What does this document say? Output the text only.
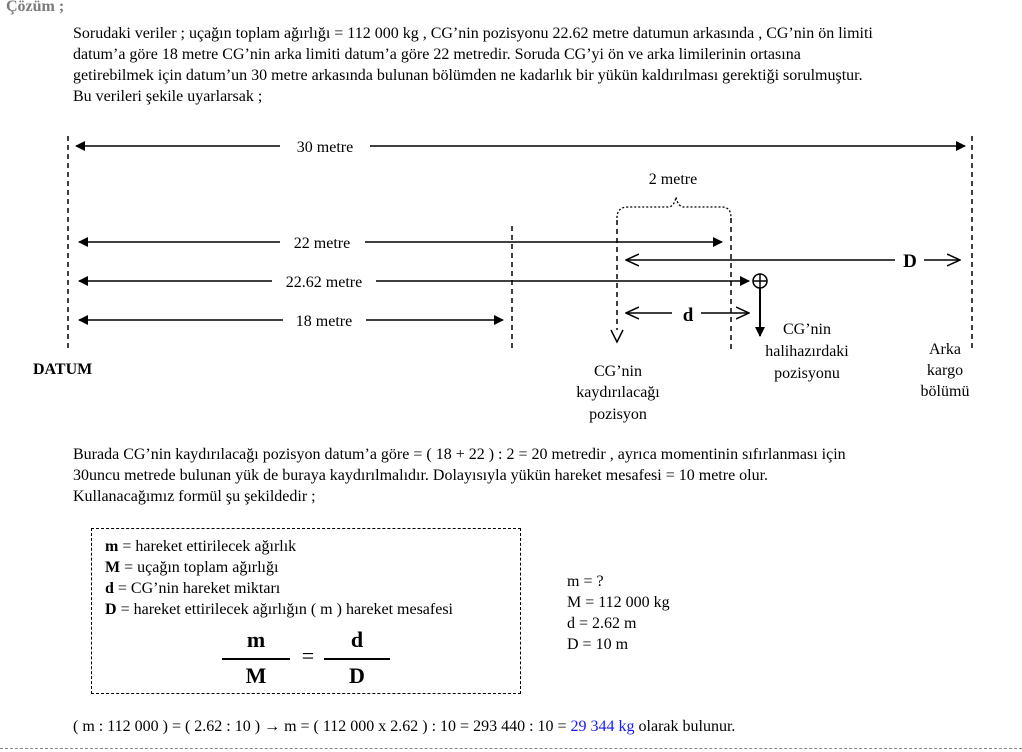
Çözüm ;
Sorudaki veriler ; uçağın toplam ağırlığı = 112 000 kg , CG’nin pozisyonu 22.62 metre datumun arkasında , CG’nin ön limiti
datum’a göre 18 metre CG’nin arka limiti datum’a göre 22 metredir. Soruda CG’yi ön ve arka limilerinin ortasına
getirebilmek için datum’un 30 metre arkasında bulunan bölümden ne kadarlık bir yükün kaldırılması gerektiği sorulmuştur.
Bu verileri şekile uyarlarsak ;
30 metre
2 metre
22 metre
D
22.62 metre
d
18 metre
DATUM	CG’nin
kaydırılacağı
pozisyon
CG’nin
halihazırdaki
pozisyonu
Arka
kargo
bölümü
Burada CG’nin kaydırılacağı pozisyon datum’a göre = ( 18 + 22 ) : 2 = 20 metredir , ayrıca momentinin sıfırlanması için
30uncu metrede bulunan yük de buraya kaydırılmalıdır. Dolayısıyla yükün hareket mesafesi = 10 metre olur.
Kullanacağımız formül şu şekildedir ;
m = hareket ettirilecek ağırlık
M = uçağın toplam ağırlığı
d = CG’nin hareket miktarı
D = hareket ettirilecek ağırlığın ( m ) hareket mesafesi
m
M
=
d
D
m = ?
M = 112 000 kg
d = 2.62 m
D = 10 m
( m : 112 000 ) = ( 2.62 : 10 ) → m = ( 112 000 x 2.62 ) : 10 = 293 440 : 10 = 29 344 kg olarak bulunur.
